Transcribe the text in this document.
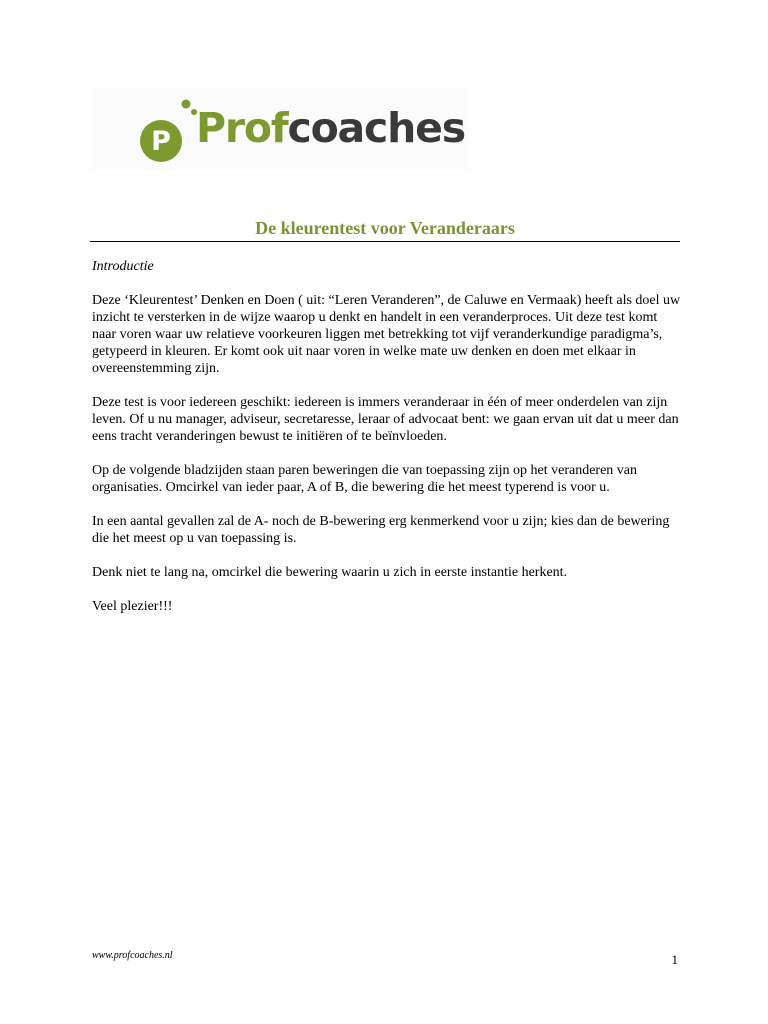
P Profcoaches
De kleurentest voor Veranderaars

Introductie

Deze ‘Kleurentest’ Denken en Doen ( uit: “Leren Veranderen”, de Caluwe en Vermaak) heeft als doel uw inzicht te versterken in de wijze waarop u denkt en handelt in een veranderproces. Uit deze test komt naar voren waar uw relatieve voorkeuren liggen met betrekking tot vijf veranderkundige paradigma’s, getypeerd in kleuren. Er komt ook uit naar voren in welke mate uw denken en doen met elkaar in overeenstemming zijn.

Deze test is voor iedereen geschikt: iedereen is immers veranderaar in één of meer onderdelen van zijn leven. Of u nu manager, adviseur, secretaresse, leraar of advocaat bent: we gaan ervan uit dat u meer dan eens tracht veranderingen bewust te initiëren of te beïnvloeden.

Op de volgende bladzijden staan paren beweringen die van toepassing zijn op het veranderen van organisaties. Omcirkel van ieder paar, A of B, die bewering die het meest typerend is voor u.

In een aantal gevallen zal de A- noch de B-bewering erg kenmerkend voor u zijn; kies dan de bewering die het meest op u van toepassing is.

Denk niet te lang na, omcirkel die bewering waarin u zich in eerste instantie herkent.

Veel plezier!!!

www.profcoaches.nl	1
